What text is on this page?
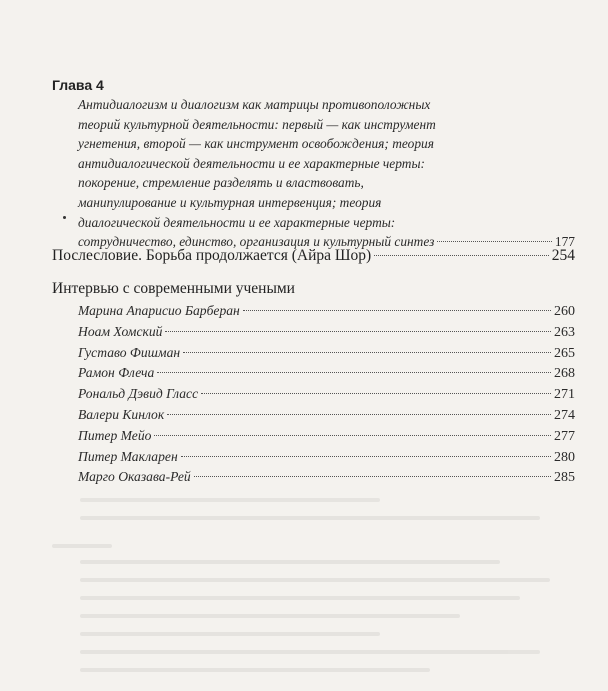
Глава 4
Антидиалогизм и диалогизм как матрицы противоположных
теорий культурной деятельности: первый — как инструмент
угнетения, второй — как инструмент освобождения; теория
антидиалогической деятельности и ее характерные черты:
покорение, стремление разделять и властвовать,
манипулирование и культурная интервенция; теория
диалогической деятельности и ее характерные черты:
сотрудничество, единство, организация и культурный синтез	177
Послесловие. Борьба продолжается (Айра Шор)	254
Интервью с современными учеными
Марина Апарисио Барберан	260
Ноам Хомский	263
Густаво Фишман	265
Рамон Флеча	268
Рональд Дэвид Гласс	271
Валери Кинлок	274
Питер Мейо	277
Питер Макларен	280
Марго Оказава-Рей	285
